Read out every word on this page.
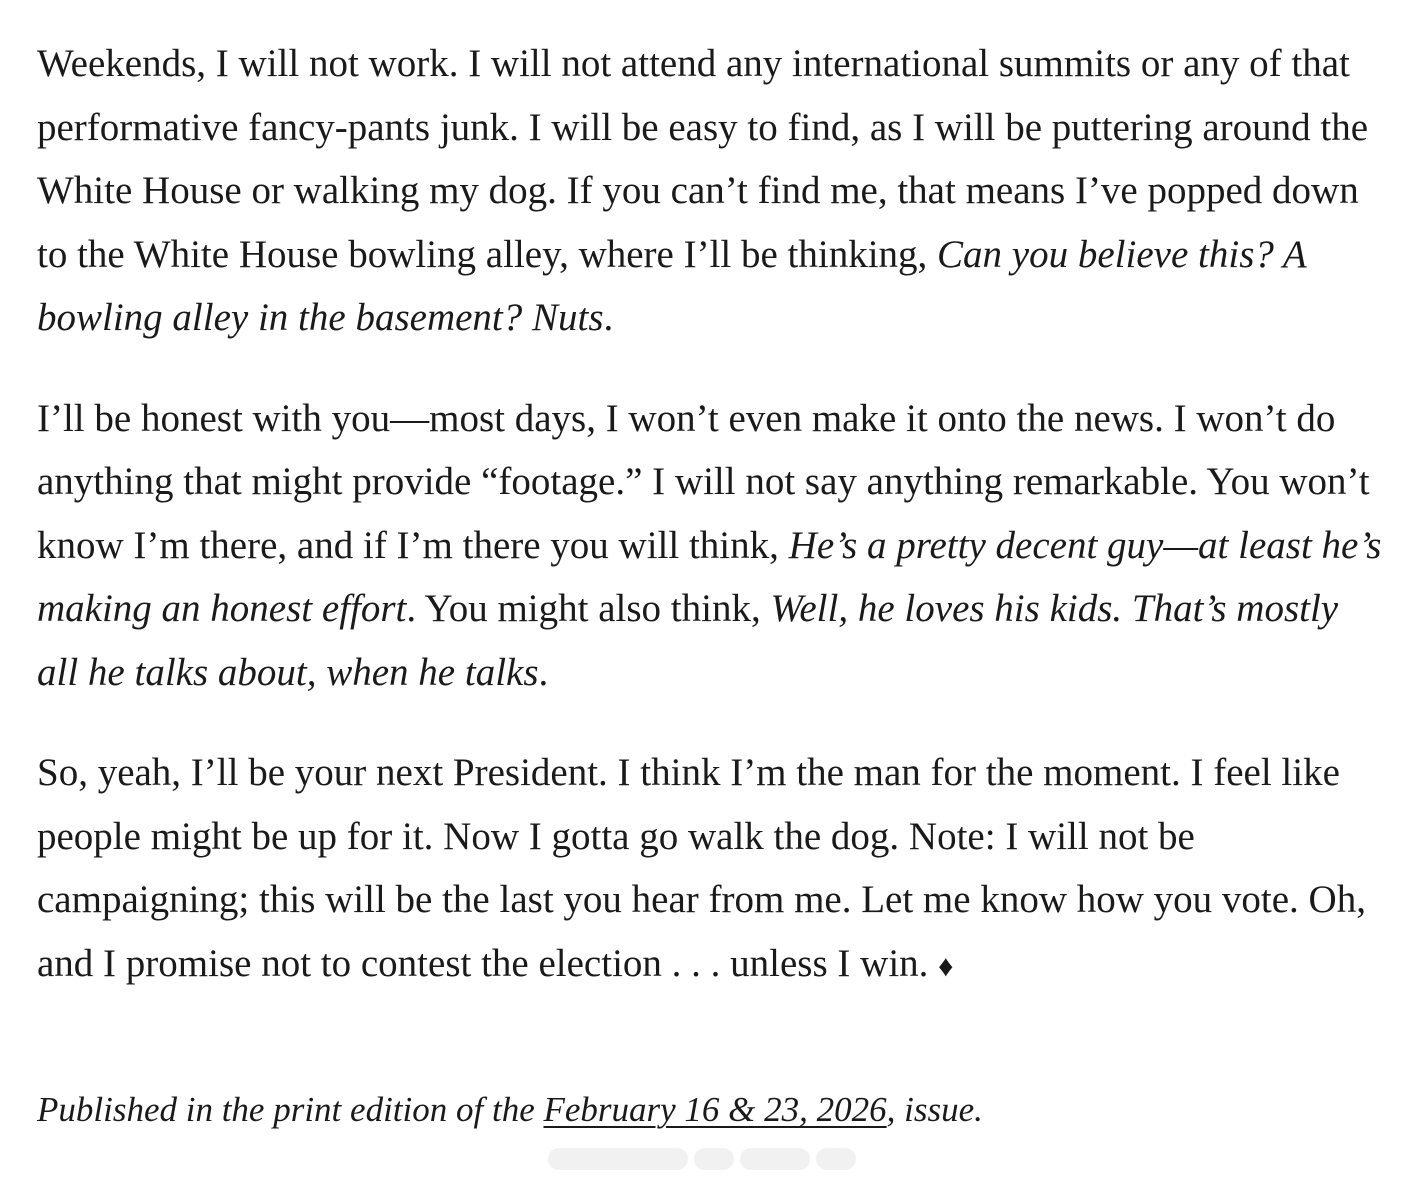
Weekends, I will not work. I will not attend any international summits or any of that performative fancy-pants junk. I will be easy to find, as I will be puttering around the White House or walking my dog. If you can’t find me, that means I’ve popped down to the White House bowling alley, where I’ll be thinking, Can you believe this? A bowling alley in the basement? Nuts.

I’ll be honest with you—most days, I won’t even make it onto the news. I won’t do anything that might provide “footage.” I will not say anything remarkable. You won’t know I’m there, and if I’m there you will think, He’s a pretty decent guy—at least he’s making an honest effort. You might also think, Well, he loves his kids. That’s mostly all he talks about, when he talks.

So, yeah, I’ll be your next President. I think I’m the man for the moment. I feel like people might be up for it. Now I gotta go walk the dog. Note: I will not be campaigning; this will be the last you hear from me. Let me know how you vote. Oh, and I promise not to contest the election . . . unless I win. ♦

Published in the print edition of the February 16 & 23, 2026, issue.
